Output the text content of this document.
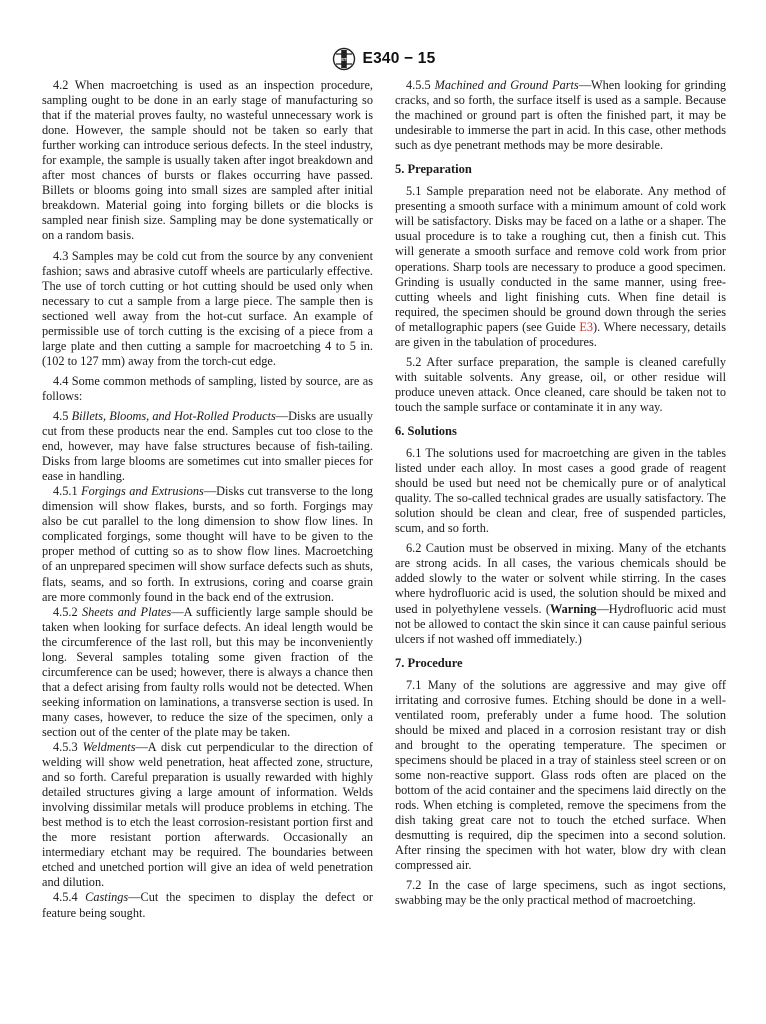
ASTM E340 − 15

4.2 When macroetching is used as an inspection procedure, sampling ought to be done in an early stage of manufacturing so that if the material proves faulty, no wasteful unnecessary work is done. However, the sample should not be taken so early that further working can introduce serious defects. In the steel industry, for example, the sample is usually taken after ingot breakdown and after most chances of bursts or flakes occurring have passed. Billets or blooms going into small sizes are sampled after initial breakdown. Material going into forging billets or die blocks is sampled near finish size. Sampling may be done systematically or on a random basis.

4.3 Samples may be cold cut from the source by any convenient fashion; saws and abrasive cutoff wheels are particularly effective. The use of torch cutting or hot cutting should be used only when necessary to cut a sample from a large piece. The sample then is sectioned well away from the hot-cut surface. An example of permissible use of torch cutting is the excising of a piece from a large plate and then cutting a sample for macroetching 4 to 5 in. (102 to 127 mm) away from the torch-cut edge.

4.4 Some common methods of sampling, listed by source, are as follows:

4.5 Billets, Blooms, and Hot-Rolled Products—Disks are usually cut from these products near the end. Samples cut too close to the end, however, may have false structures because of fish-tailing. Disks from large blooms are sometimes cut into smaller pieces for ease in handling.

4.5.1 Forgings and Extrusions—Disks cut transverse to the long dimension will show flakes, bursts, and so forth. Forgings may also be cut parallel to the long dimension to show flow lines. In complicated forgings, some thought will have to be given to the proper method of cutting so as to show flow lines. Macroetching of an unprepared specimen will show surface defects such as shuts, flats, seams, and so forth. In extrusions, coring and coarse grain are more commonly found in the back end of the extrusion.

4.5.2 Sheets and Plates—A sufficiently large sample should be taken when looking for surface defects. An ideal length would be the circumference of the last roll, but this may be inconveniently long. Several samples totaling some given fraction of the circumference can be used; however, there is always a chance then that a defect arising from faulty rolls would not be detected. When seeking information on laminations, a transverse section is used. In many cases, however, to reduce the size of the specimen, only a section out of the center of the plate may be taken.

4.5.3 Weldments—A disk cut perpendicular to the direction of welding will show weld penetration, heat affected zone, structure, and so forth. Careful preparation is usually rewarded with highly detailed structures giving a large amount of information. Welds involving dissimilar metals will produce problems in etching. The best method is to etch the least corrosion-resistant portion first and the more resistant portion afterwards. Occasionally an intermediary etchant may be required. The boundaries between etched and unetched portion will give an idea of weld penetration and dilution.

4.5.4 Castings—Cut the specimen to display the defect or feature being sought.

4.5.5 Machined and Ground Parts—When looking for grinding cracks, and so forth, the surface itself is used as a sample. Because the machined or ground part is often the finished part, it may be undesirable to immerse the part in acid. In this case, other methods such as dye penetrant methods may be more desirable.

5. Preparation

5.1 Sample preparation need not be elaborate. Any method of presenting a smooth surface with a minimum amount of cold work will be satisfactory. Disks may be faced on a lathe or a shaper. The usual procedure is to take a roughing cut, then a finish cut. This will generate a smooth surface and remove cold work from prior operations. Sharp tools are necessary to produce a good specimen. Grinding is usually conducted in the same manner, using free-cutting wheels and light finishing cuts. When fine detail is required, the specimen should be ground down through the series of metallographic papers (see Guide E3). Where necessary, details are given in the tabulation of procedures.

5.2 After surface preparation, the sample is cleaned carefully with suitable solvents. Any grease, oil, or other residue will produce uneven attack. Once cleaned, care should be taken not to touch the sample surface or contaminate it in any way.

6. Solutions

6.1 The solutions used for macroetching are given in the tables listed under each alloy. In most cases a good grade of reagent should be used but need not be chemically pure or of analytical quality. The so-called technical grades are usually satisfactory. The solution should be clean and clear, free of suspended particles, scum, and so forth.

6.2 Caution must be observed in mixing. Many of the etchants are strong acids. In all cases, the various chemicals should be added slowly to the water or solvent while stirring. In the cases where hydrofluoric acid is used, the solution should be mixed and used in polyethylene vessels. (Warning—Hydrofluoric acid must not be allowed to contact the skin since it can cause painful serious ulcers if not washed off immediately.)

7. Procedure

7.1 Many of the solutions are aggressive and may give off irritating and corrosive fumes. Etching should be done in a well-ventilated room, preferably under a fume hood. The solution should be mixed and placed in a corrosion resistant tray or dish and brought to the operating temperature. The specimen or specimens should be placed in a tray of stainless steel screen or on some non-reactive support. Glass rods often are placed on the bottom of the acid container and the specimens laid directly on the rods. When etching is completed, remove the specimens from the dish taking great care not to touch the etched surface. When desmutting is required, dip the specimen into a second solution. After rinsing the specimen with hot water, blow dry with clean compressed air.

7.2 In the case of large specimens, such as ingot sections, swabbing may be the only practical method of macroetching.
